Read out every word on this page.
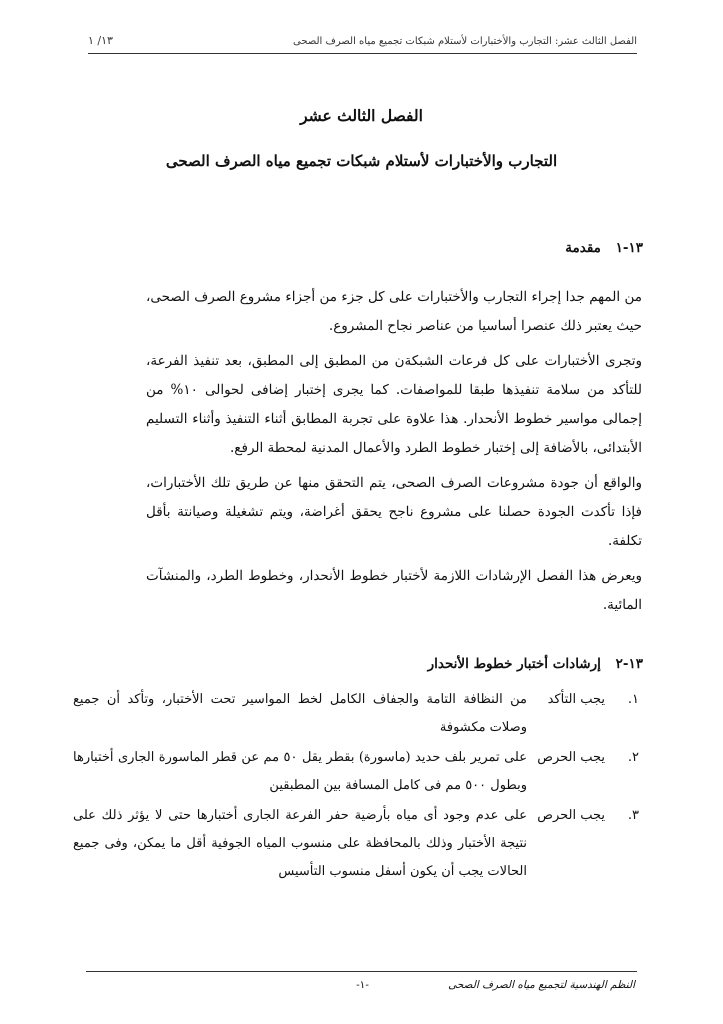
الفصل الثالث عشر: التجارب والأختبارات لأستلام شبكات تجميع مياه الصرف الصحى
١٣/ ١
الفصل الثالث عشر
التجارب والأختبارات لأستلام شبكات تجميع مياه الصرف الصحى
١٣-١ مقدمة

من المهم جدا إجراء التجارب والأختبارات على كل جزء من أجزاء مشروع الصرف الصحى، حيث يعتبر ذلك عنصرا أساسيا من عناصر نجاح المشروع.

وتجرى الأختبارات على كل فرعات الشبكةن من المطبق إلى المطبق، بعد تنفيذ الفرعة، للتأكد من سلامة تنفيذها طبقا للمواصفات. كما يجرى إختبار إضافى لحوالى ١٠% من إجمالى مواسير خطوط الأنحدار. هذا علاوة على تجربة المطابق أثناء التنفيذ وأثناء التسليم الأبتدائى، بالأضافة إلى إختبار خطوط الطرد والأعمال المدنية لمحطة الرفع.

والواقع أن جودة مشروعات الصرف الصحى، يتم التحقق منها عن طريق تلك الأختبارات، فإذا تأكدت الجودة حصلنا على مشروع ناجح يحقق أغراضة، ويتم تشغيلة وصيانتة بأقل تكلفة.

ويعرض هذا الفصل الإرشادات اللازمة لأختبار خطوط الأنحدار، وخطوط الطرد، والمنشآت المائية.

١٣-٢ إرشادات أختبار خطوط الأنحدار
١.
يجب التأكد
من النظافة التامة والجفاف الكامل لخط المواسير تحت الأختبار، وتأكد أن جميع وصلات مكشوفة
٢.
يجب الحرص
على تمرير بلف حديد (ماسورة) بقطر يقل ٥٠ مم عن قطر الماسورة الجارى أختبارها وبطول ٥٠٠ مم فى كامل المسافة بين المطبقين
٣.
يجب الحرص
على عدم وجود أى مياه بأرضية حفر الفرعة الجارى أختبارها حتى لا يؤثر ذلك على نتيجة الأختبار وذلك بالمحافظة على منسوب المياه الجوفية أقل ما يمكن، وفى جميع الحالات يجب أن يكون أسفل منسوب التأسيس
النظم الهندسية لتجميع مياه الصرف الصحى
-١-
